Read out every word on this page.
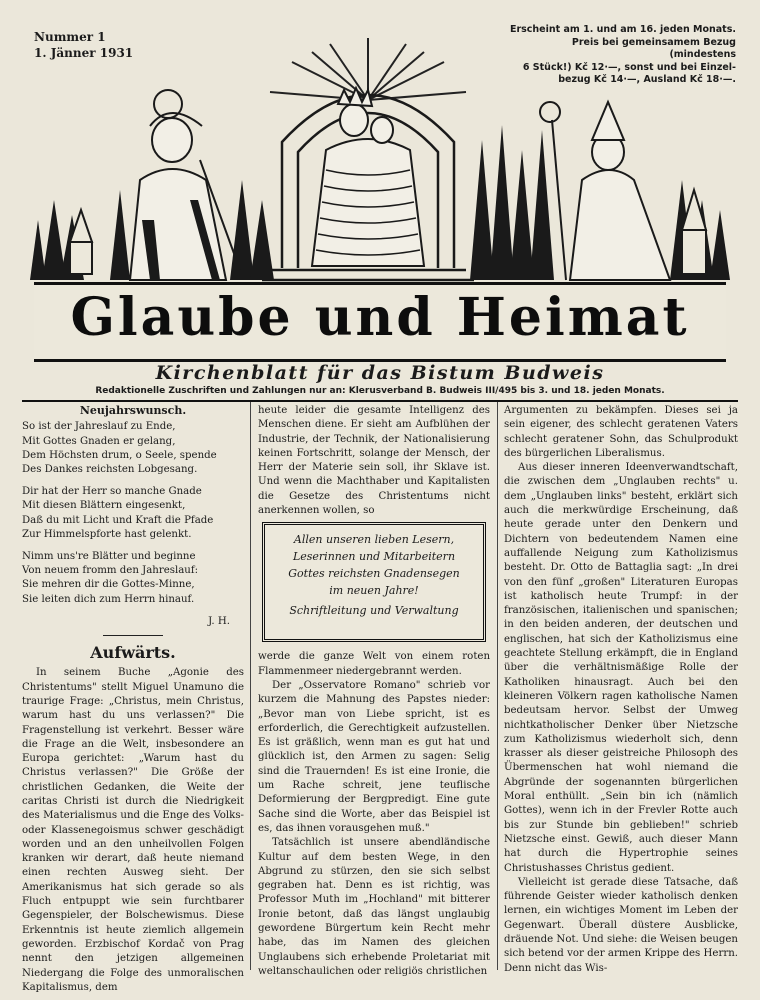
Nummer 1
1. Jänner 1931
Erscheint am 1. und am 16. jeden Monats.
Preis bei gemeinsamem Bezug (mindestens
6 Stück!) Kč 12·—, sonst und bei Einzel-
bezug Kč 14·—, Ausland Kč 18·—.
Glaube und Heimat
Kirchenblatt für das Bistum Budweis
Redaktionelle Zuschriften und Zahlungen nur an: Klerusverband B. Budweis III/495 bis 3. und 18. jeden Monats.
Neujahrswunsch.
So ist der Jahreslauf zu Ende,
Mit Gottes Gnaden er gelang,
Dem Höchsten drum, o Seele, spende
Des Dankes reichsten Lobgesang.
Dir hat der Herr so manche Gnade
Mit diesen Blättern eingesenkt,
Daß du mit Licht und Kraft die Pfade
Zur Himmelspforte hast gelenkt.
Nimm uns're Blätter und beginne
Von neuem fromm den Jahreslauf:
Sie mehren dir die Gottes-Minne,
Sie leiten dich zum Herrn hinauf.
J. H.
Aufwärts.

In seinem Buche „Agonie des Christentums" stellt Miguel Unamuno die traurige Frage: „Christus, mein Christus, warum hast du uns verlassen?" Die Fragenstellung ist verkehrt. Besser wäre die Frage an die Welt, insbesondere an Europa gerichtet: „Warum hast du Christus verlassen?" Die Größe der christlichen Gedanken, die Weite der caritas Christi ist durch die Niedrigkeit des Materialismus und die Enge des Volks- oder Klassenegoismus schwer geschädigt worden und an den unheilvollen Folgen kranken wir derart, daß heute niemand einen rechten Ausweg sieht. Der Amerikanismus hat sich gerade so als Fluch entpuppt wie sein furchtbarer Gegenspieler, der Bolschewismus. Diese Erkenntnis ist heute ziemlich allgemein geworden. Erzbischof Kordač von Prag nennt den jetzigen allgemeinen Niedergang die Folge des unmoralischen Kapitalismus, dem

heute leider die gesamte Intelligenz des Menschen diene. Er sieht am Aufblühen der Industrie, der Technik, der Nationalisierung keinen Fortschritt, solange der Mensch, der Herr der Materie sein soll, ihr Sklave ist. Und wenn die Machthaber und Kapitalisten die Gesetze des Christentums nicht anerkennen wollen, so

werde die ganze Welt von einem roten Flammenmeer niedergebrannt werden.

Der „Osservatore Romano" schrieb vor kurzem die Mahnung des Papstes nieder: „Bevor man von Liebe spricht, ist es erforderlich, die Gerechtigkeit aufzustellen. Es ist gräßlich, wenn man es gut hat und glücklich ist, den Armen zu sagen: Selig sind die Trauernden! Es ist eine Ironie, die um Rache schreit, jene teuflische Deformierung der Bergpredigt. Eine gute Sache sind die Worte, aber das Beispiel ist es, das ihnen vorausgehen muß."

Tatsächlich ist unsere abendländische Kultur auf dem besten Wege, in den Abgrund zu stürzen, den sie sich selbst gegraben hat. Denn es ist richtig, was Professor Muth im „Hochland" mit bitterer Ironie betont, daß das längst unglaubig gewordene Bürgertum kein Recht mehr habe, das im Namen des gleichen Unglaubens sich erhebende Proletariat mit weltanschaulichen oder religiös christlichen

Allen unseren lieben Lesern,
Leserinnen und Mitarbeitern
Gottes reichsten Gnadensegen
im neuen Jahre!
Schriftleitung und Verwaltung

Argumenten zu bekämpfen. Dieses sei ja sein eigener, des schlecht geratenen Vaters schlecht geratener Sohn, das Schulprodukt des bürgerlichen Liberalismus.

Aus dieser inneren Ideenverwandtschaft, die zwischen dem „Unglauben rechts" u. dem „Unglauben links" besteht, erklärt sich auch die merkwürdige Erscheinung, daß heute gerade unter den Denkern und Dichtern von bedeutendem Namen eine auffallende Neigung zum Katholizismus besteht. Dr. Otto de Battaglia sagt: „In drei von den fünf „großen" Literaturen Europas ist katholisch heute Trumpf: in der französischen, italienischen und spanischen; in den beiden anderen, der deutschen und englischen, hat sich der Katholizismus eine geachtete Stellung erkämpft, die in England über die verhältnismäßige Rolle der Katholiken hinausragt. Auch bei den kleineren Völkern ragen katholische Namen bedeutsam hervor. Selbst der Umweg nichtkatholischer Denker über Nietzsche zum Katholizismus wiederholt sich, denn krasser als dieser geistreiche Philosoph des Übermenschen hat wohl niemand die Abgründe der sogenannten bürgerlichen Moral enthüllt. „Sein bin ich (nämlich Gottes), wenn ich in der Frevler Rotte auch bis zur Stunde bin geblieben!" schrieb Nietzsche einst. Gewiß, auch dieser Mann hat durch die Hypertrophie seines Christushasses Christus gedient.

Vielleicht ist gerade diese Tatsache, daß führende Geister wieder katholisch denken lernen, ein wichtiges Moment im Leben der Gegenwart. Überall düstere Ausblicke, dräuende Not. Und siehe: die Weisen beugen sich betend vor der armen Krippe des Herrn. Denn nicht das Wis-
